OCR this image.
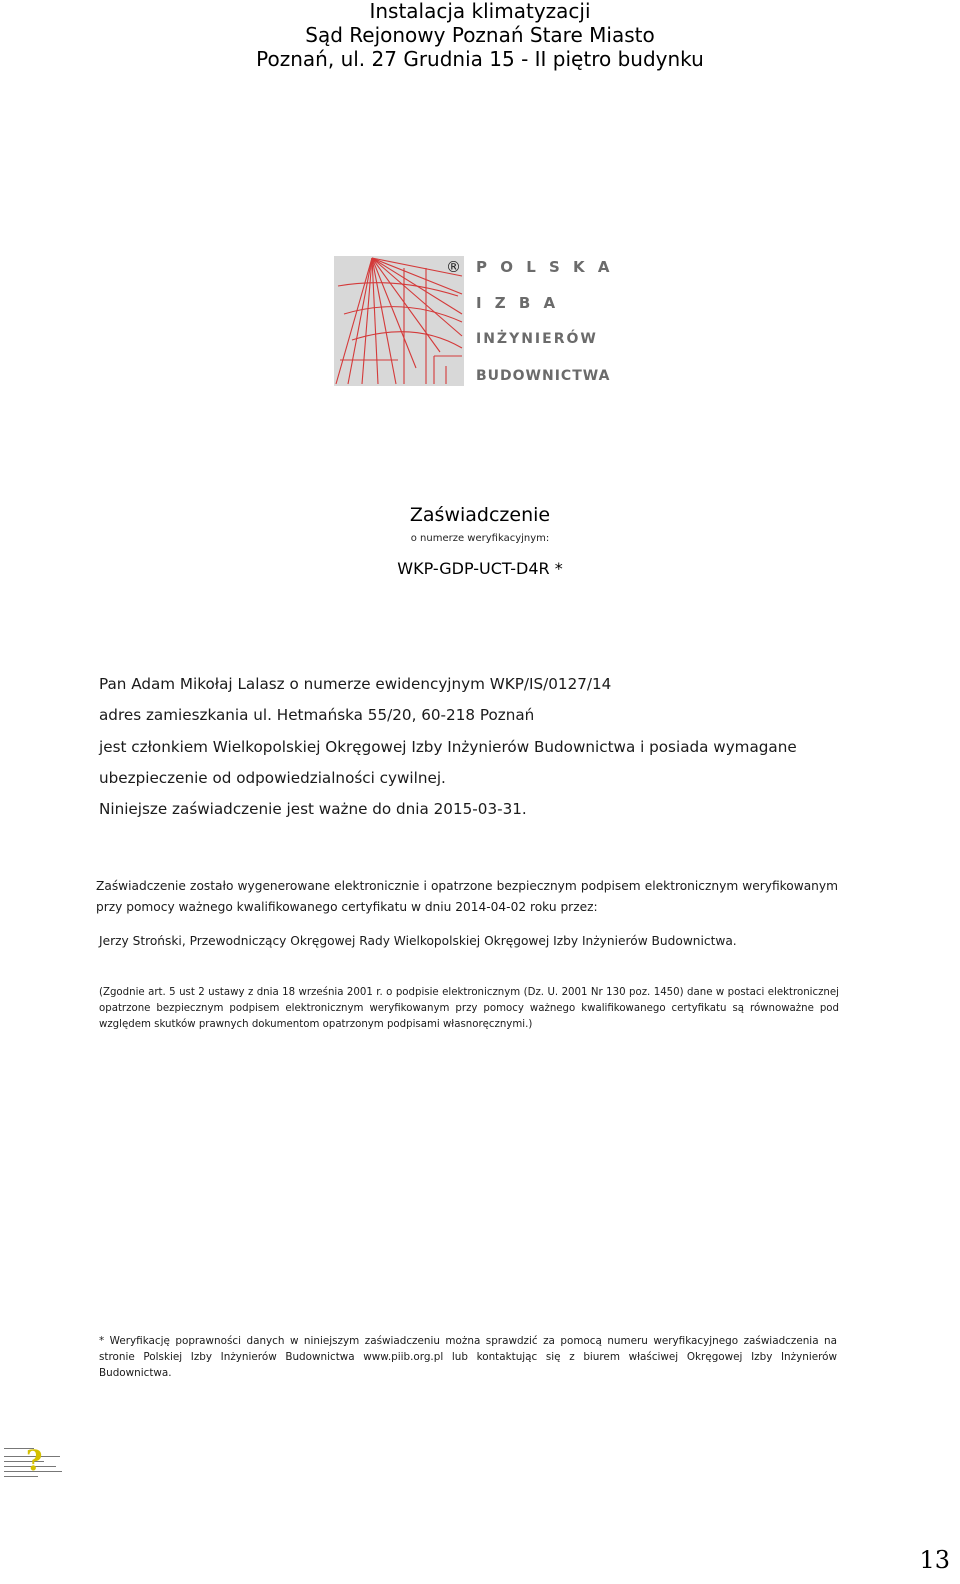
Instalacja klimatyzacji
Sąd Rejonowy Poznań Stare Miasto
Poznań, ul. 27 Grudnia 15 - II piętro budynku
® P O L S K A
I Z B A
INŻYNIERÓW
BUDOWNICTWA
Zaświadczenie
o numerze weryfikacyjnym:
WKP-GDP-UCT-D4R *
Pan Adam Mikołaj Lalasz o numerze ewidencyjnym WKP/IS/0127/14
adres zamieszkania ul. Hetmańska 55/20, 60-218 Poznań
jest członkiem Wielkopolskiej Okręgowej Izby Inżynierów Budownictwa i posiada wymagane
ubezpieczenie od odpowiedzialności cywilnej.
Niniejsze zaświadczenie jest ważne do dnia 2015-03-31.
Zaświadczenie zostało wygenerowane elektronicznie i opatrzone bezpiecznym podpisem elektronicznym weryfikowanym przy pomocy ważnego kwalifikowanego certyfikatu w dniu 2014-04-02 roku przez:
Jerzy Stroński, Przewodniczący Okręgowej Rady Wielkopolskiej Okręgowej Izby Inżynierów Budownictwa.
(Zgodnie art. 5 ust 2 ustawy z dnia 18 września 2001 r. o podpisie elektronicznym (Dz. U. 2001 Nr 130 poz. 1450) dane w postaci elektronicznej opatrzone bezpiecznym podpisem elektronicznym weryfikowanym przy pomocy ważnego kwalifikowanego certyfikatu są równoważne pod względem skutków prawnych dokumentom opatrzonym podpisami własnoręcznymi.)
* Weryfikację poprawności danych w niniejszym zaświadczeniu można sprawdzić za pomocą numeru weryfikacyjnego zaświadczenia na stronie Polskiej Izby Inżynierów Budownictwa www.piib.org.pl lub kontaktując się z biurem właściwej Okręgowej Izby Inżynierów Budownictwa.
?
13
